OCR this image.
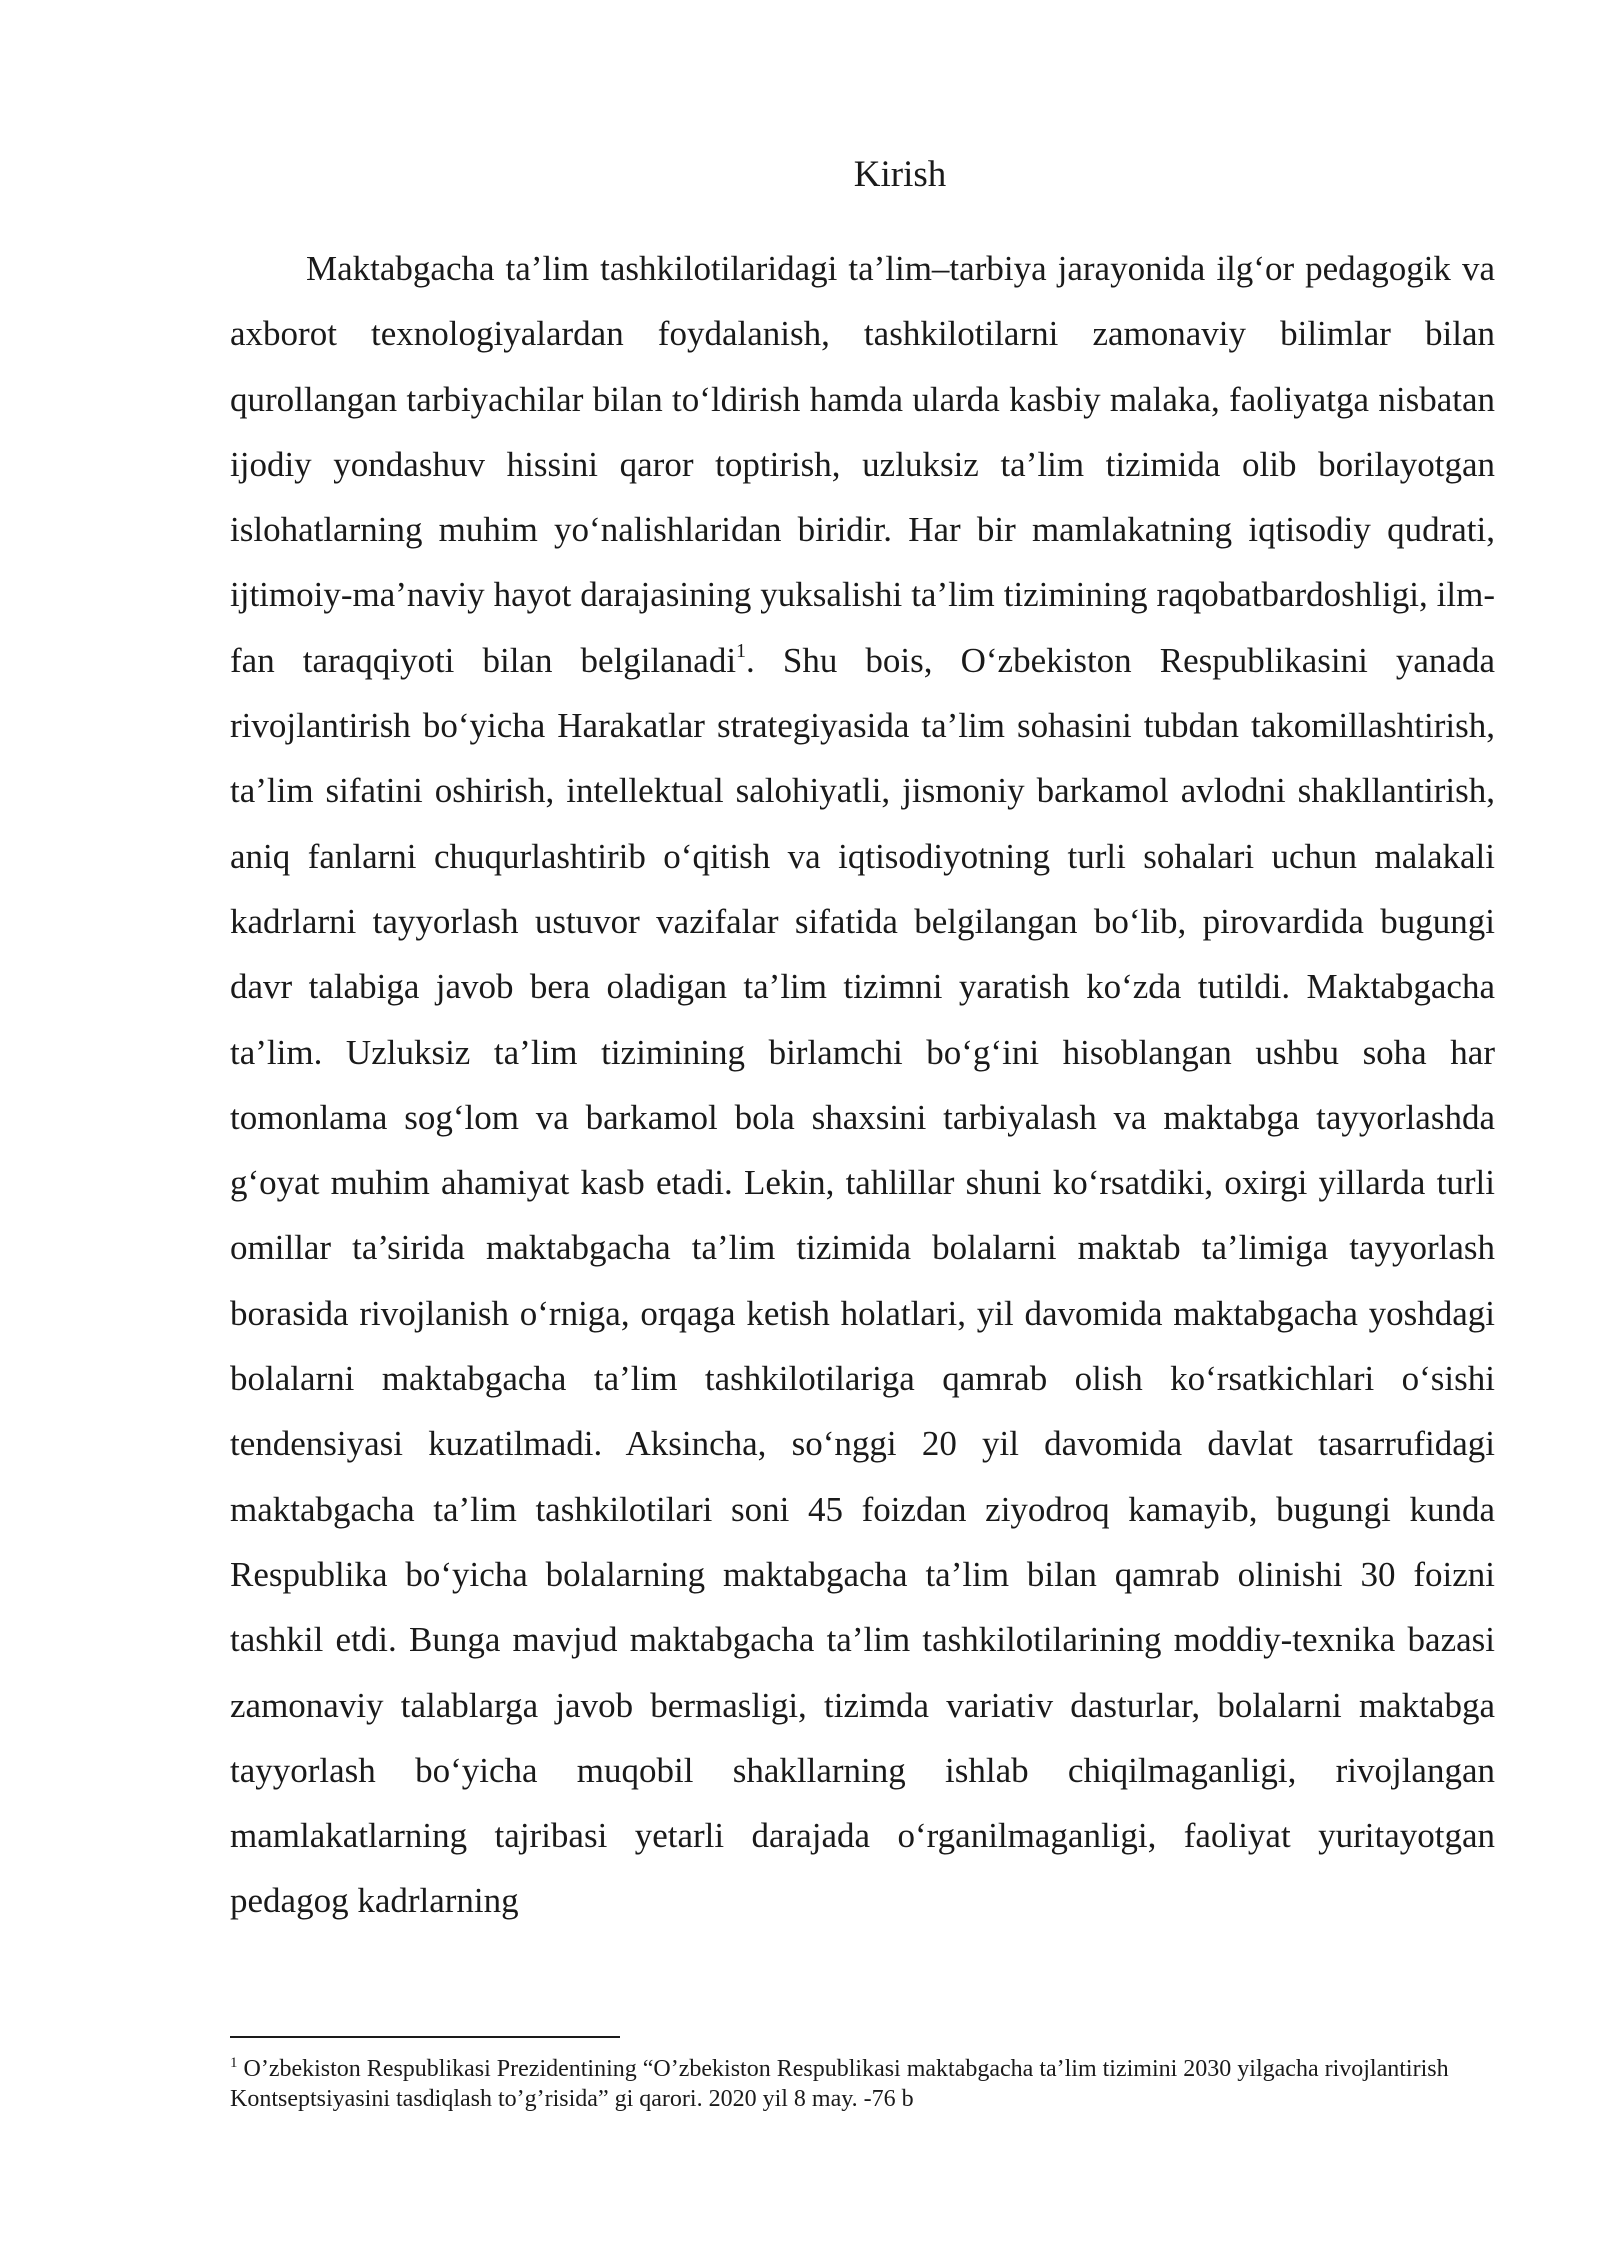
Kirish

Maktabgacha ta’lim tashkilotilaridagi ta’lim–tarbiya jarayonida ilg‘or pedagogik va axborot texnologiyalardan foydalanish, tashkilotilarni zamonaviy bilimlar bilan qurollangan tarbiyachilar bilan to‘ldirish hamda ularda kasbiy malaka, faoliyatga nisbatan ijodiy yondashuv hissini qaror toptirish, uzluksiz ta’lim tizimida olib borilayotgan islohatlarning muhim yo‘nalishlaridan biridir. Har bir mamlakatning iqtisodiy qudrati, ijtimoiy-ma’naviy hayot darajasining yuksalishi ta’lim tizimining raqobatbardoshligi, ilm-fan taraqqiyoti bilan belgilanadi$^1$. Shu bois, O‘zbekiston Respublikasini yanada rivojlantirish bo‘yicha Harakatlar strategiyasida ta’lim sohasini tubdan takomillashtirish, ta’lim sifatini oshirish, intellektual salohiyatli, jismoniy barkamol avlodni shakllantirish, aniq fanlarni chuqurlashtirib o‘qitish va iqtisodiyotning turli sohalari uchun malakali kadrlarni tayyorlash ustuvor vazifalar sifatida belgilangan bo‘lib, pirovardida bugungi davr talabiga javob bera oladigan ta’lim tizimni yaratish ko‘zda tutildi. Maktabgacha ta’lim. Uzluksiz ta’lim tizimining birlamchi bo‘g‘ini hisoblangan ushbu soha har tomonlama sog‘lom va barkamol bola shaxsini tarbiyalash va maktabga tayyorlashda g‘oyat muhim ahamiyat kasb etadi. Lekin, tahlillar shuni ko‘rsatdiki, oxirgi yillarda turli omillar ta’sirida maktabgacha ta’lim tizimida bolalarni maktab ta’limiga tayyorlash borasida rivojlanish o‘rniga, orqaga ketish holatlari, yil davomida maktabgacha yoshdagi bolalarni maktabgacha ta’lim tashkilotilariga qamrab olish ko‘rsatkichlari o‘sishi tendensiyasi kuzatilmadi. Aksincha, so‘nggi 20 yil davomida davlat tasarrufidagi maktabgacha ta’lim tashkilotilari soni 45 foizdan ziyodroq kamayib, bugungi kunda Respublika bo‘yicha bolalarning maktabgacha ta’lim bilan qamrab olinishi 30 foizni tashkil etdi. Bunga mavjud maktabgacha ta’lim tashkilotilarining moddiy-texnika bazasi zamonaviy talablarga javob bermasligi, tizimda variativ dasturlar, bolalarni maktabga tayyorlash bo‘yicha muqobil shakllarning ishlab chiqilmaganligi, rivojlangan mamlakatlarning tajribasi yetarli darajada o‘rganilmaganligi, faoliyat yuritayotgan pedagog kadrlarning

$^1$ O’zbekiston Respublikasi Prezidentining “O’zbekiston Respublikasi maktabgacha ta’lim tizimini 2030 yilgacha rivojlantirish Kontseptsiyasini tasdiqlash to’g’risida” gi qarori. 2020 yil 8 may. -76 b
